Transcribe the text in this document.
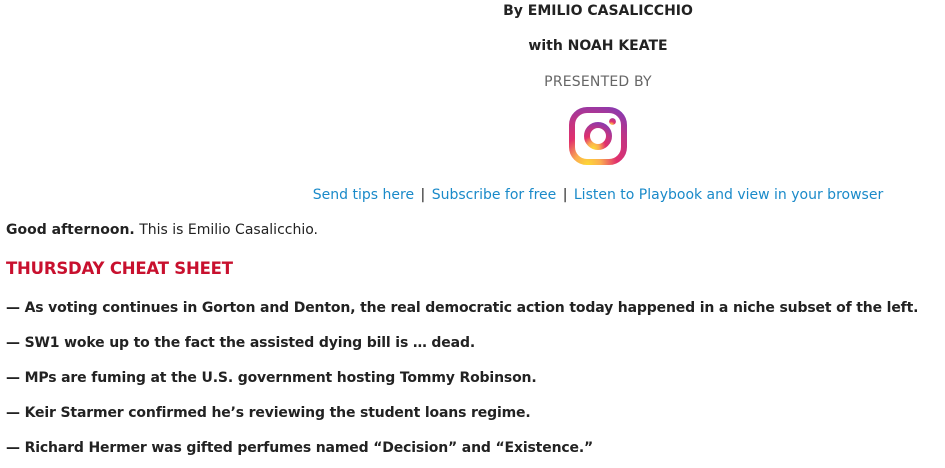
By EMILIO CASALICCHIO
with NOAH KEATE
PRESENTED BY
Send tips here | Subscribe for free | Listen to Playbook and view in your browser
Good afternoon. This is Emilio Casalicchio.
THURSDAY CHEAT SHEET
— As voting continues in Gorton and Denton, the real democratic action today happened in a niche subset of the left.
— SW1 woke up to the fact the assisted dying bill is … dead.
— MPs are fuming at the U.S. government hosting Tommy Robinson.
— Keir Starmer confirmed he’s reviewing the student loans regime.
— Richard Hermer was gifted perfumes named “Decision” and “Existence.”
